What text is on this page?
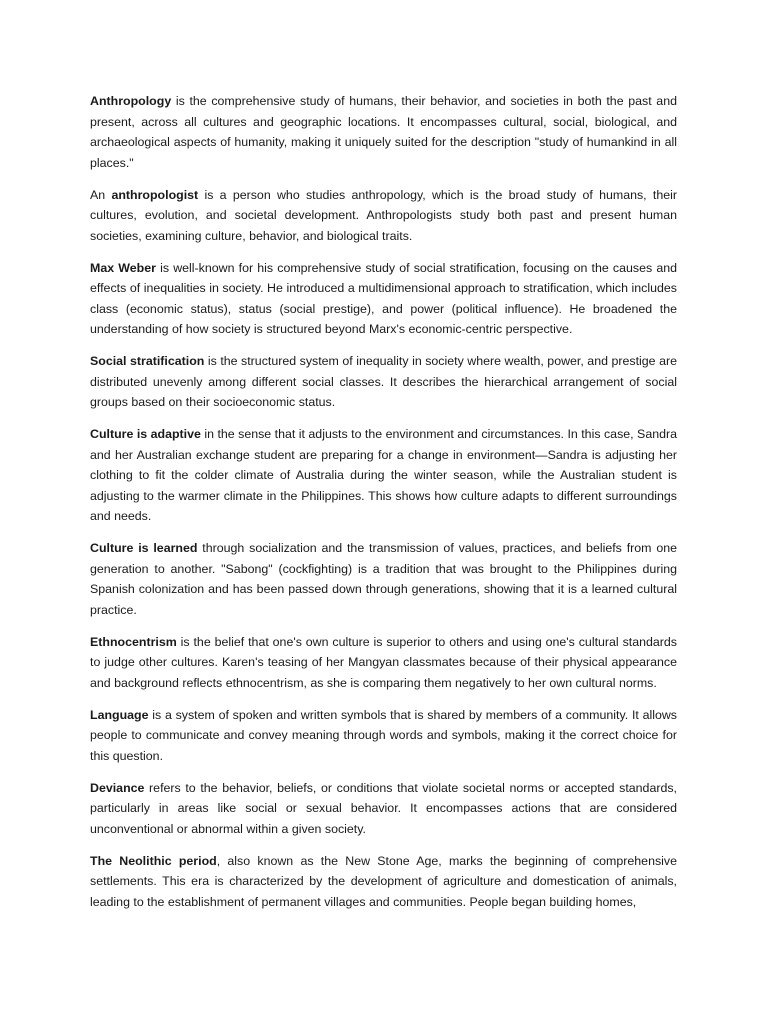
Anthropology is the comprehensive study of humans, their behavior, and societies in both the past and present, across all cultures and geographic locations. It encompasses cultural, social, biological, and archaeological aspects of humanity, making it uniquely suited for the description "study of humankind in all places."

An anthropologist is a person who studies anthropology, which is the broad study of humans, their cultures, evolution, and societal development. Anthropologists study both past and present human societies, examining culture, behavior, and biological traits.

Max Weber is well-known for his comprehensive study of social stratification, focusing on the causes and effects of inequalities in society. He introduced a multidimensional approach to stratification, which includes class (economic status), status (social prestige), and power (political influence). He broadened the understanding of how society is structured beyond Marx's economic-centric perspective.

Social stratification is the structured system of inequality in society where wealth, power, and prestige are distributed unevenly among different social classes. It describes the hierarchical arrangement of social groups based on their socioeconomic status.

Culture is adaptive in the sense that it adjusts to the environment and circumstances. In this case, Sandra and her Australian exchange student are preparing for a change in environment—Sandra is adjusting her clothing to fit the colder climate of Australia during the winter season, while the Australian student is adjusting to the warmer climate in the Philippines. This shows how culture adapts to different surroundings and needs.

Culture is learned through socialization and the transmission of values, practices, and beliefs from one generation to another. "Sabong" (cockfighting) is a tradition that was brought to the Philippines during Spanish colonization and has been passed down through generations, showing that it is a learned cultural practice.

Ethnocentrism is the belief that one's own culture is superior to others and using one's cultural standards to judge other cultures. Karen's teasing of her Mangyan classmates because of their physical appearance and background reflects ethnocentrism, as she is comparing them negatively to her own cultural norms.

Language is a system of spoken and written symbols that is shared by members of a community. It allows people to communicate and convey meaning through words and symbols, making it the correct choice for this question.

Deviance refers to the behavior, beliefs, or conditions that violate societal norms or accepted standards, particularly in areas like social or sexual behavior. It encompasses actions that are considered unconventional or abnormal within a given society.

The Neolithic period, also known as the New Stone Age, marks the beginning of comprehensive settlements. This era is characterized by the development of agriculture and domestication of animals, leading to the establishment of permanent villages and communities. People began building homes,
